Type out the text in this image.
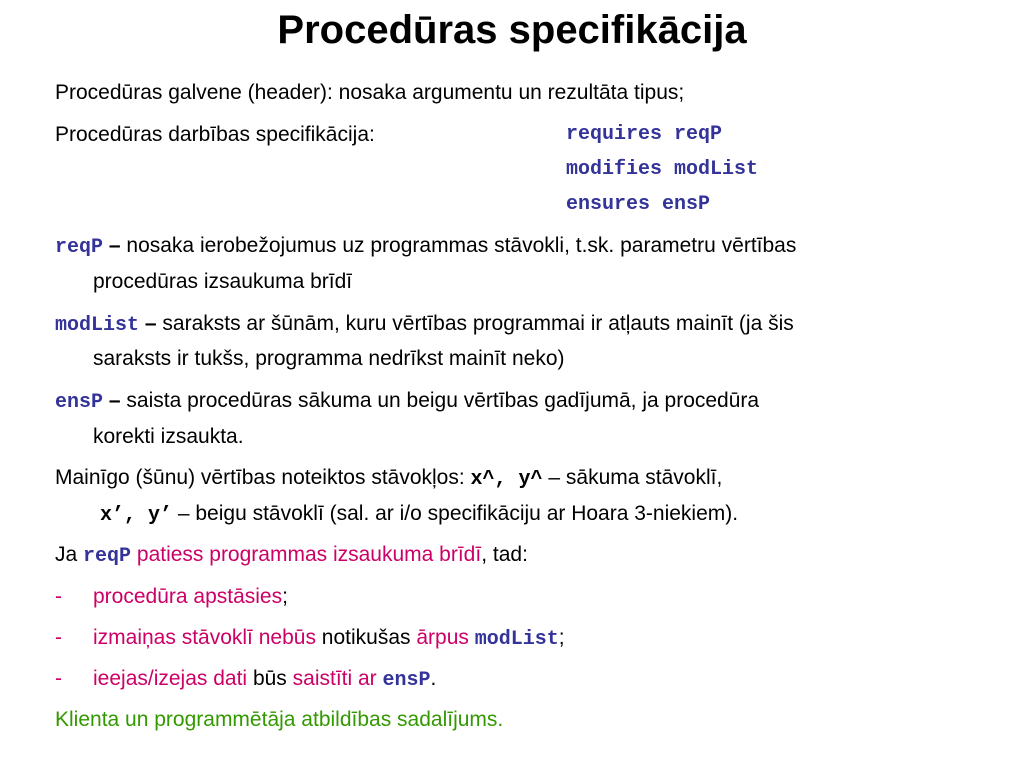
Procedūras specifikācija
Procedūras galvene (header): nosaka argumentu un rezultāta tipus;
Procedūras darbības specifikācija:	requires reqP
modifies modList
ensures ensP
reqP – nosaka ierobežojumus uz programmas stāvokli, t.sk. parametru vērtības
procedūras izsaukuma brīdī
modList – saraksts ar šūnām, kuru vērtības programmai ir atļauts mainīt (ja šis
saraksts ir tukšs, programma nedrīkst mainīt neko)
ensP – saista procedūras sākuma un beigu vērtības gadījumā, ja procedūra
korekti izsaukta.
Mainīgo (šūnu) vērtības noteiktos stāvokļos: x^, y^ – sākuma stāvoklī,
x’, y’ – beigu stāvoklī (sal. ar i/o specifikāciju ar Hoara 3-niekiem).
Ja reqP patiess programmas izsaukuma brīdī, tad:
- procedūra apstāsies;
- izmaiņas stāvoklī nebūs notikušas ārpus modList;
- ieejas/izejas dati būs saistīti ar ensP.
Klienta un programmētāja atbildības sadalījums.
